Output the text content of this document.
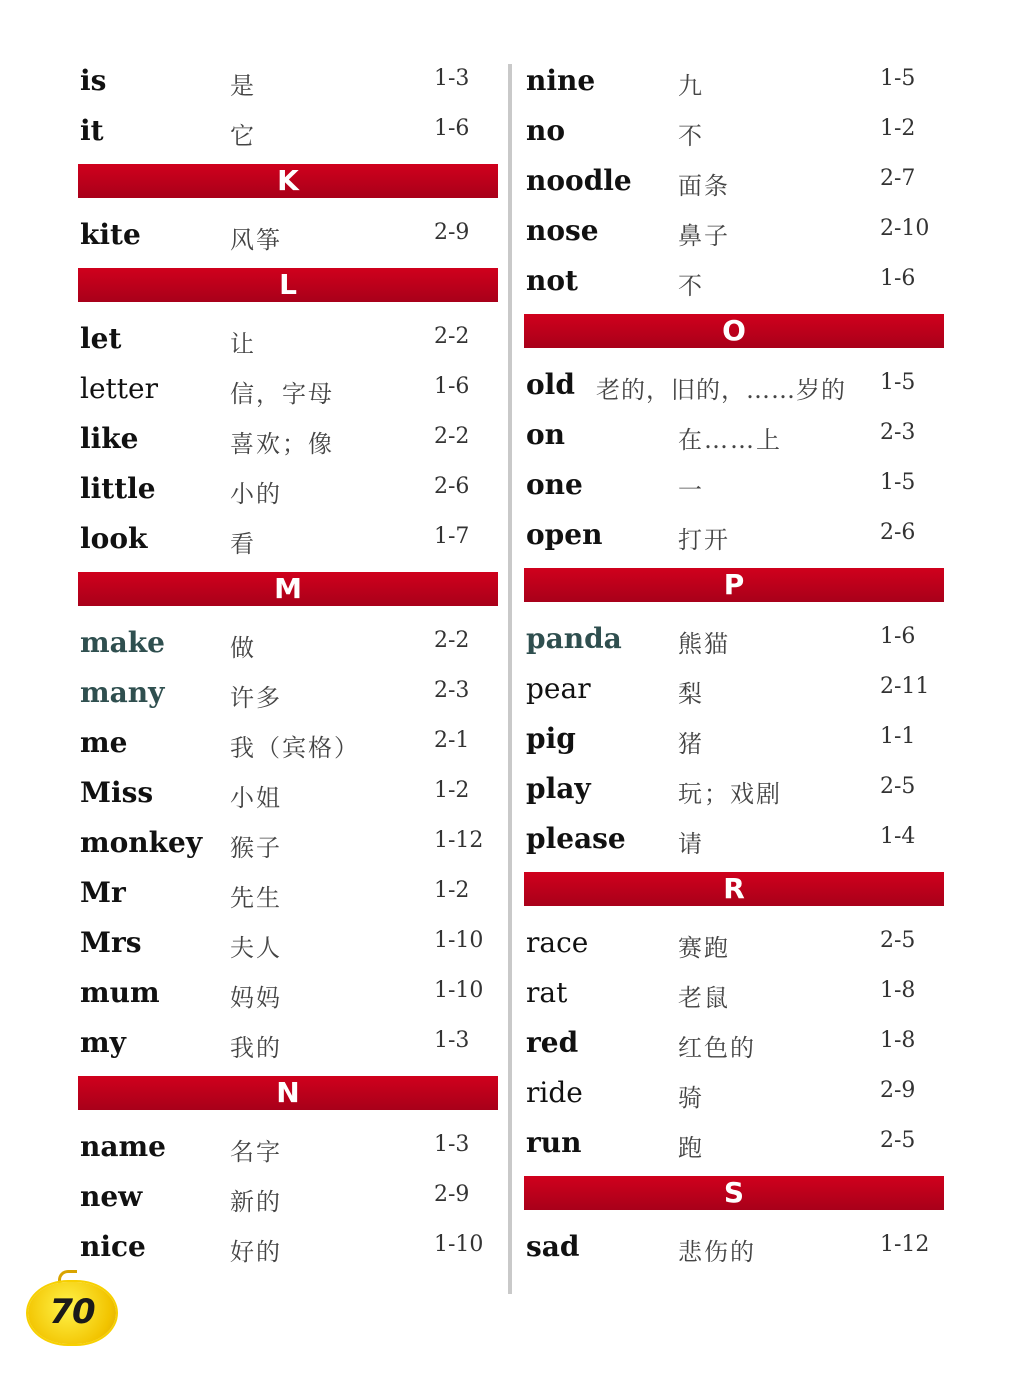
is	是	1-3
it	它	1-6
K
kite	风筝	2-9
L
let	让	2-2
letter	信，字母	1-6
like	喜欢；像	2-2
little	小的	2-6
look	看	1-7
M
make	做	2-2
many	许多	2-3
me	我（宾格）	2-1
Miss	小姐	1-2
monkey 猴子	1-12
Mr	先生	1-2
Mrs	夫人	1-10
mum	妈妈	1-10
my	我的	1-3
N
name	名字	1-3
new	新的	2-9
nice	好的	1-10
nine	九	1-5
no	不	1-2
noodle 面条	2-7
nose	鼻子	2-10
not	不	1-6
O
old 老的，旧的，……岁的 1-5
on	在……上	2-3
one	一	1-5
open	打开	2-6
P
panda 熊猫	1-6
pear	梨	2-11
pig	猪	1-1
play	玩；戏剧	2-5
please 请	1-4
R
race	赛跑	2-5
rat	老鼠	1-8
red	红色的	1-8
ride	骑	2-9
run	跑	2-5
S
sad	悲伤的	1-12
70
